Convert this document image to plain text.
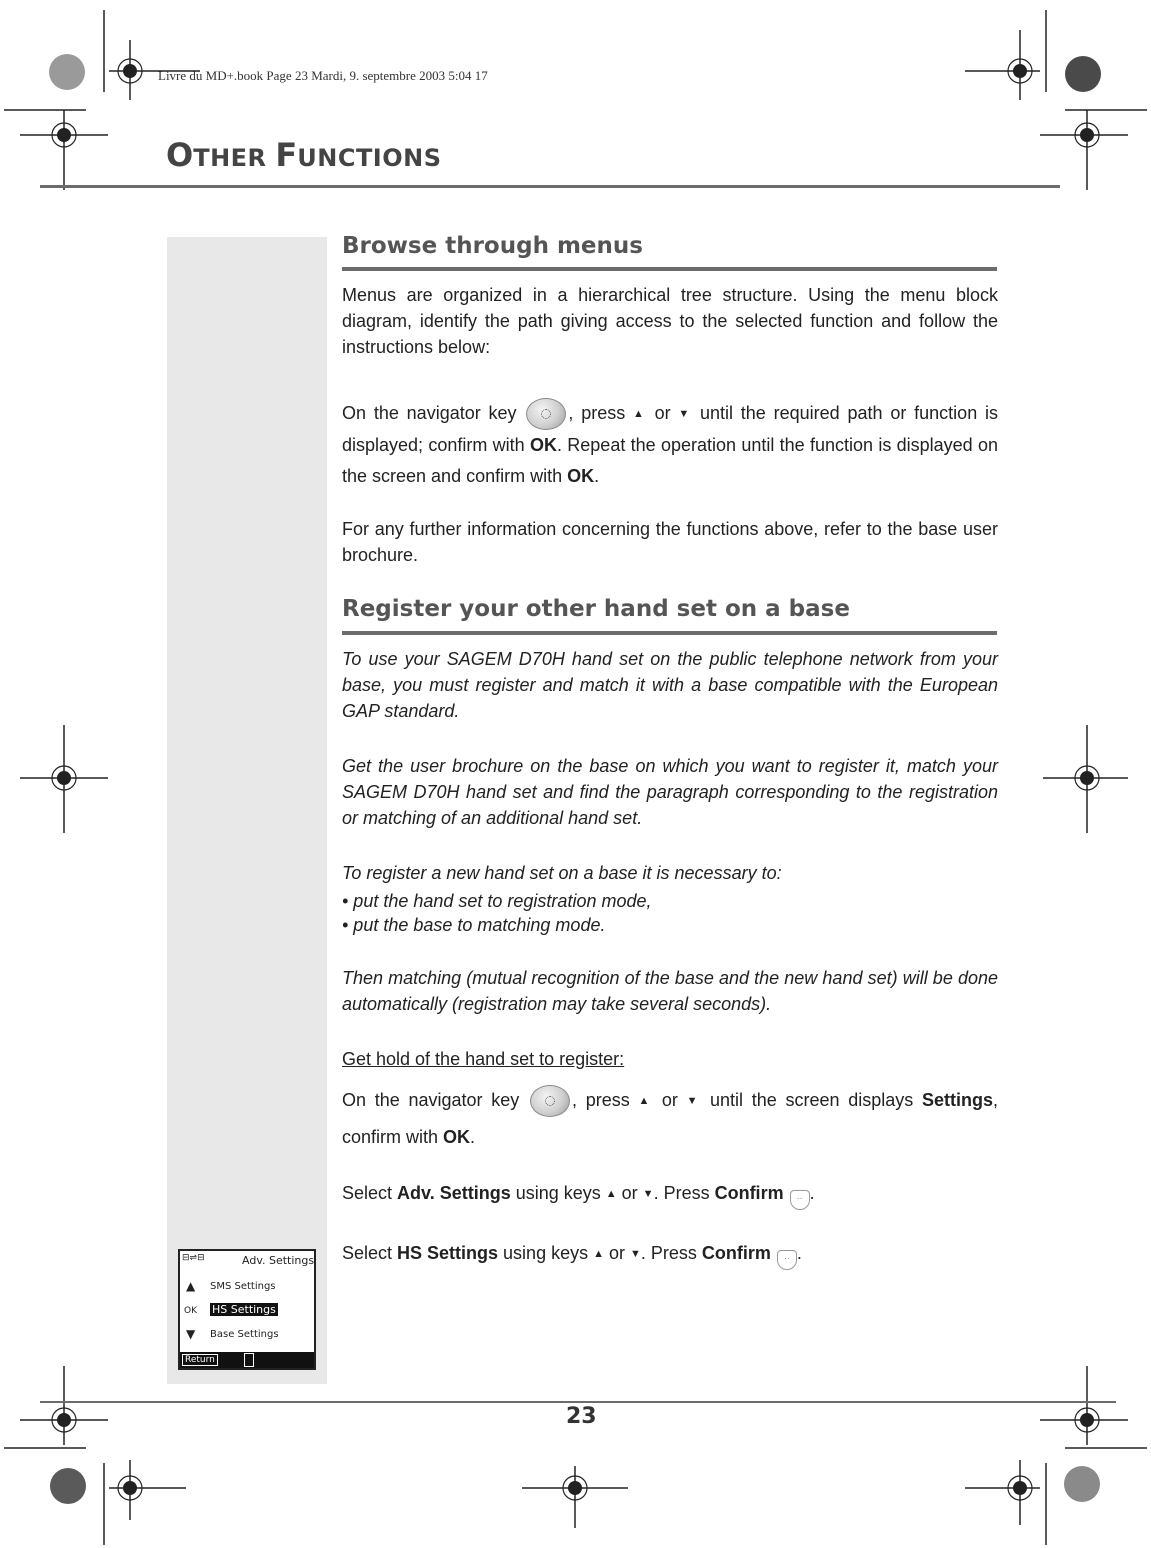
Livre du MD+.book Page 23 Mardi, 9. septembre 2003 5:04 17
OTHER FUNCTIONS
Browse through menus
Menus are organized in a hierarchical tree structure. Using the menu block diagram, identify the path giving access to the selected function and follow the instructions below:
On the navigator key , press ▲ or ▼ until the required path or function is displayed; confirm with OK. Repeat the operation until the function is displayed on the screen and confirm with OK.
For any further information concerning the functions above, refer to the base user brochure.
Register your other hand set on a base
To use your SAGEM D70H hand set on the public telephone network from your base, you must register and match it with a base compatible with the European GAP standard.
Get the user brochure on the base on which you want to register it, match your SAGEM D70H hand set and find the paragraph corresponding to the registration or matching of an additional hand set.
To register a new hand set on a base it is necessary to:
• put the hand set to registration mode,
• put the base to matching mode.
Then matching (mutual recognition of the base and the new hand set) will be done automatically (registration may take several seconds).
Get hold of the hand set to register:
On the navigator key , press ▲ or ▼ until the screen displays Settings, confirm with OK.
Select Adv. Settings using keys ▲ or ▼. Press Confirm ·· .
Select HS Settings using keys ▲ or ▼. Press Confirm ·· .
⊟⇌⊟	Adv. Settings
▲ SMS Settings
OK HS Settings
▼ Base Settings
Return
23
